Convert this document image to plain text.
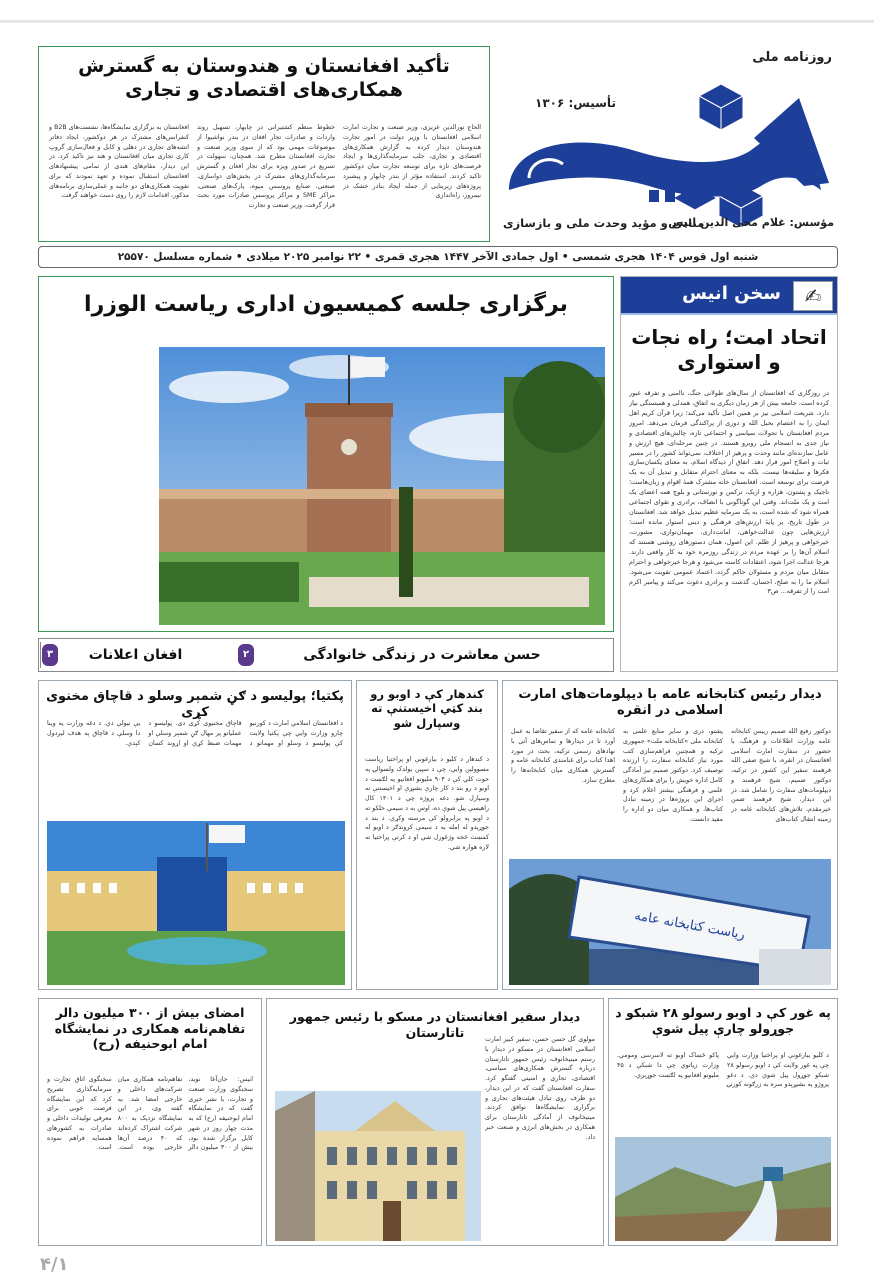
روزنامه ملی
تأسیس: ۱۳۰۶
منادی و مؤید وحدت ملی و بازسازی
مؤسس: غلام محی الدین انیس
تأکید افغانستان و هندوستان به گسترش همکاری‌های اقتصادی و تجاری
الحاج نورالدین عزیزی، وزیر صنعت و تجارت امارت اسلامی افغانستان با وزیر دولت در امور تجارت هندوستان دیدار کرده به گزارش همکاری‌های اقتصادی و تجاری، جلب سرمایه‌گذاری‌ها و ایجاد فرصت‌های تازه برای توسعه تجارت میان دوکشور تاکید کردند. استفاده مؤثر از بندر چابهار و پیشبرد پروژه‌های زیربنایی از جمله ایجاد بنادر خشک در نیمروز، راه‌اندازی
خطوط منظم کشتیرانی در چابهار، تسهیل روند واردات و صادرات تجار افغان در بندر نواشیوا از موضوعات مهمی بود که از سوی وزیر صنعت و تجارت افغانستان مطرح شد. همچنان، سهولت در تسریع در صدور ویزه برای تجار افغان و گسترش سرمایه‌گذاری‌های مشترک در بخش‌های دواسازی، صنعتی، صنایع پروسس میوه، پارک‌های صنعتی، مراکز SME و مراکز پروسس صادرات مورد بحث قرار گرفت. وزیر صنعت و تجارت
افغانستان به برگزاری نمایشگاه‌ها، نشست‌های B2B و کنفرانس‌های مشترک در هر دوکشور، ایجاد دفاتر اتشه‌های تجاری در دهلی و کابل و فعال‌سازی گروپ کاری تجاری میان افغانستان و هند نیز تاکید کرد. در این دیدار، مقام‌های هندی از تمامی پیشنهادهای افغانستان استقبال نموده و تعهد نمودند که برای تقویت همکاری‌های دو جانبه و عملی‌سازی برنامه‌های مذکور، اقدامات لازم را روی دست خواهند گرفت.
شنبه اول قوس ۱۴۰۴ هجری شمسی • اول جمادی الآخر ۱۴۴۷ هجری قمری • ۲۲ نوامبر ۲۰۲۵ میلادی • شماره مسلسل ۲۵۵۷۰
برگزاری جلسه کمیسیون اداری ریاست الوزرا	سخن انیس	✍
اتحاد امت؛ راه نجات و استواری
در روزگاری که افغانستان از سال‌های طولانی جنگ، ناامنی و تفرقه عبور کرده است، جامعه بیش از هر زمان دیگری به اتفاق، همدلی و همبستگی نیاز دارد. شریعت اسلامی نیز بر همین اصل تأکید می‌کند؛ زیرا قرآن کریم اهل ایمان را به اعتصام بحبل الله و دوری از پراکندگی فرمان می‌دهد. امروز مردم افغانستان با تحولات سیاسی و اجتماعی تازه، چالش‌های اقتصادی و نیاز جدی به انسجام ملی روبرو هستند. در چنین مرحله‌ای، هیچ ارزش و عامل سازنده‌ای مانند وحدت و پرهیز از اختلاف، نمی‌تواند کشور را در مسیر ثبات و اصلاح امور قرار دهد. اتفاق از دیدگاه اسلام، به معنای یکسان‌سازی فکرها و سلیقه‌ها نیست، بلکه به معنای احترام متقابل و تبدیل آن به یک فرصت برای توسعه است. افغانستان خانه مشترک همهٔ اقوام و زبان‌هاست؛ تاجیک و پشتون، هزاره و ازبک، ترکمن و نورستانی و بلوچ همه اعضای یک امت و یک ملت‌اند. وقتی این گوناگونی با انصاف، برادری و تقوای اجتماعی همراه شود که شده است، به یک سرمایه عظیم تبدیل خواهد شد. افغانستان در طول تاریخ، بر پایهٔ ارزش‌های فرهنگی و دینی استوار مانده است؛ ارزش‌هایی چون عدالت‌خواهی، امانت‌داری، مهمان‌نوازی، مشورت، خیرخواهی و پرهیز از ظلم. این اصول، همان دستورهای روشنی هستند که اسلام آن‌ها را بر عهده مردم در زندگی روزمره خود به کار واقعی دارند. هرجا عدالت اجرا شود، اعتقادات کاسته می‌شود و هرجا خیرخواهی و احترام متقابل میان مردم و مسئولان حاکم گردد، اعتماد عمومی تقویت می‌شود. اسلام ما را به صلح، احسان، گذشت و برادری دعوت می‌کند و پیامبر اکرم امت را از تفرقه... ص۳
حسن معاشرت در زندگی خانوادگی
۲
افغان اعلانات
۳
دیدار رئیس کتابخانه عامه با دیپلومات‌های امارت اسلامی در انقره
دوکتور رفیع الله صمیم رییس کتابخانه عامه وزارت اطلاعات و فرهنگ، با حضور در سفارت امارت اسلامی افغانستان در انقره، با شیخ صفی الله فرهمند سفیر این کشور در ترکیه، دوکتور صمیم، شیخ فرهمند و دیپلومات‌های سفارت را شامل شد. در این دیدار، شیخ فرهمند ضمن خیرمقدم، تلاش‌های کتابخانه عامه در زمینه انتقال کتاب‌های
پشتو، دری و سایر منابع علمی به کتابخانه ملی «کتابخانه ملت» جمهوری ترکیه و همچنین فراهم‌سازی کتب مورد نیاز کتابخانه سفارت را ارزنده توصیف کرد. دوکتور صمیم نیز آمادگی کامل اداره خویش را برای همکاری‌های علمی و فرهنگی بیشتر اعلام کرد و اجرای این پروژه‌ها در زمینه تبادل کتاب‌ها، و همکاری میان دو اداره را مفید دانست.
کتابخانه عامه که از سفیر تقاضا به عمل آورد تا در دیدارها و تماس‌های آتی با نهادهای رسمی ترکیه، بحث در مورد اهدا کتاب برای غنامندی کتابخانه عامه و گسترش همکاری میان کتابخانه‌ها را مطرح سازد.
ریاست کتابخانه عامه
کندهار کې د اوبو رو بند کټي اخيستنې ته وسپارل شو
د کندهار د کليو د بيارغونې او پراختيا رياست مسوولين وايي، چې د سپين بولدک ولسوالۍ په حوت کلي کې د ۹۰۴ مليونو افغانيو په لګښت د اوبو د رو بند د کار چارې بشپړې او اخيستنې ته وسپارل شو. دغه پروژه چې د ۱۴۰۱ کال راهيسې پيل شوې ده، اوس به د سيمې خلکو ته د اوبو په برابرولو کې مرسته وکړي. د بند د جوړېدو له امله به د سيمې کروندګر د اوبو له کمښت څخه وژغورل شي او د کرنې پراختيا ته لاره هواره شي.
پکتيا؛ پوليسو د ګڼ شمېر وسلو د قاچاق مخنوی کړی
د افغانستان اسلامي امارت د کورنيو چارو وزارت وايي چې پکتيا ولايت کې پوليسو د وسلو او مهماتو د قاچاق مخنيوی کړی دی. پوليسو د عملياتو پر مهال ګڼ شمېر وسلې او مهمات ضبط کړي او اړوند کسان يې نيولي دي. د دغه وزارت په وينا دا وسلې د قاچاق په هدف ليږدول کېدې.
په غور کې د اوبو رسولو ۲۸ شبکو د جوړولو چارې پيل شوې
د کليو بيارغونې او پراختيا وزارت وايي چې په غور ولايت کې د اوبو رسولو ۲۸ شبکو جوړول پيل شوي دي. د دغو پروژو په بشپړېدو سره به زرګونه کورنۍ پاکو څښاک اوبو ته لاسرسی ومومي. وزارت زياتوي چې دا شبکې د ۴۵ مليونو افغانيو په لګښت جوړېږي.
دیدار سفیر افغانستان در مسکو با رئیس جمهور تاتارستان	مولوی گل حسن حسن، سفیر کبیر امارت اسلامی افغانستان در مسکو در دیدار با رستم مینیخانوف، رئیس جمهور تاتارستان درباره گسترش همکاری‌های سیاسی، اقتصادی، تجاری و امنیتی گفتگو کرد. سفارت افغانستان گفت که در این دیدار، دو طرف روی تبادل هیئت‌های تجاری و برگزاری نمایشگاه‌ها توافق کردند. مینیخانوف از آمادگی تاتارستان برای همکاری در بخش‌های انرژی و صنعت خبر داد.
امضای بیش از ۳۰۰ میلیون دالر تفاهم‌نامه همکاری در نمایشگاه امام ابوحنیفه (رح)
انیس: جان‌آغا نوید، سخنگوی وزارت صنعت و تجارت، با نشر خبری گفت که در نمایشگاه امام ابوحنیفه (رح) که به مدت چهار روز در شهر کابل برگزار شده بود، بیش از ۳۰۰ میلیون دالر تفاهم‌نامه همکاری میان شرکت‌های داخلی و خارجی امضا شد. به گفته وی، در این نمایشگاه نزدیک به ۸۰۰ شرکت اشتراک کرده‌اند که ۴۰ درصد آن‌ها خارجی بوده است. سخنگوی اتاق تجارت و سرمایه‌گذاری تصریح کرد که این نمایشگاه فرصت خوبی برای معرفی تولیدات داخلی و صادرات به کشورهای همسایه فراهم نموده است.
۴/۱
